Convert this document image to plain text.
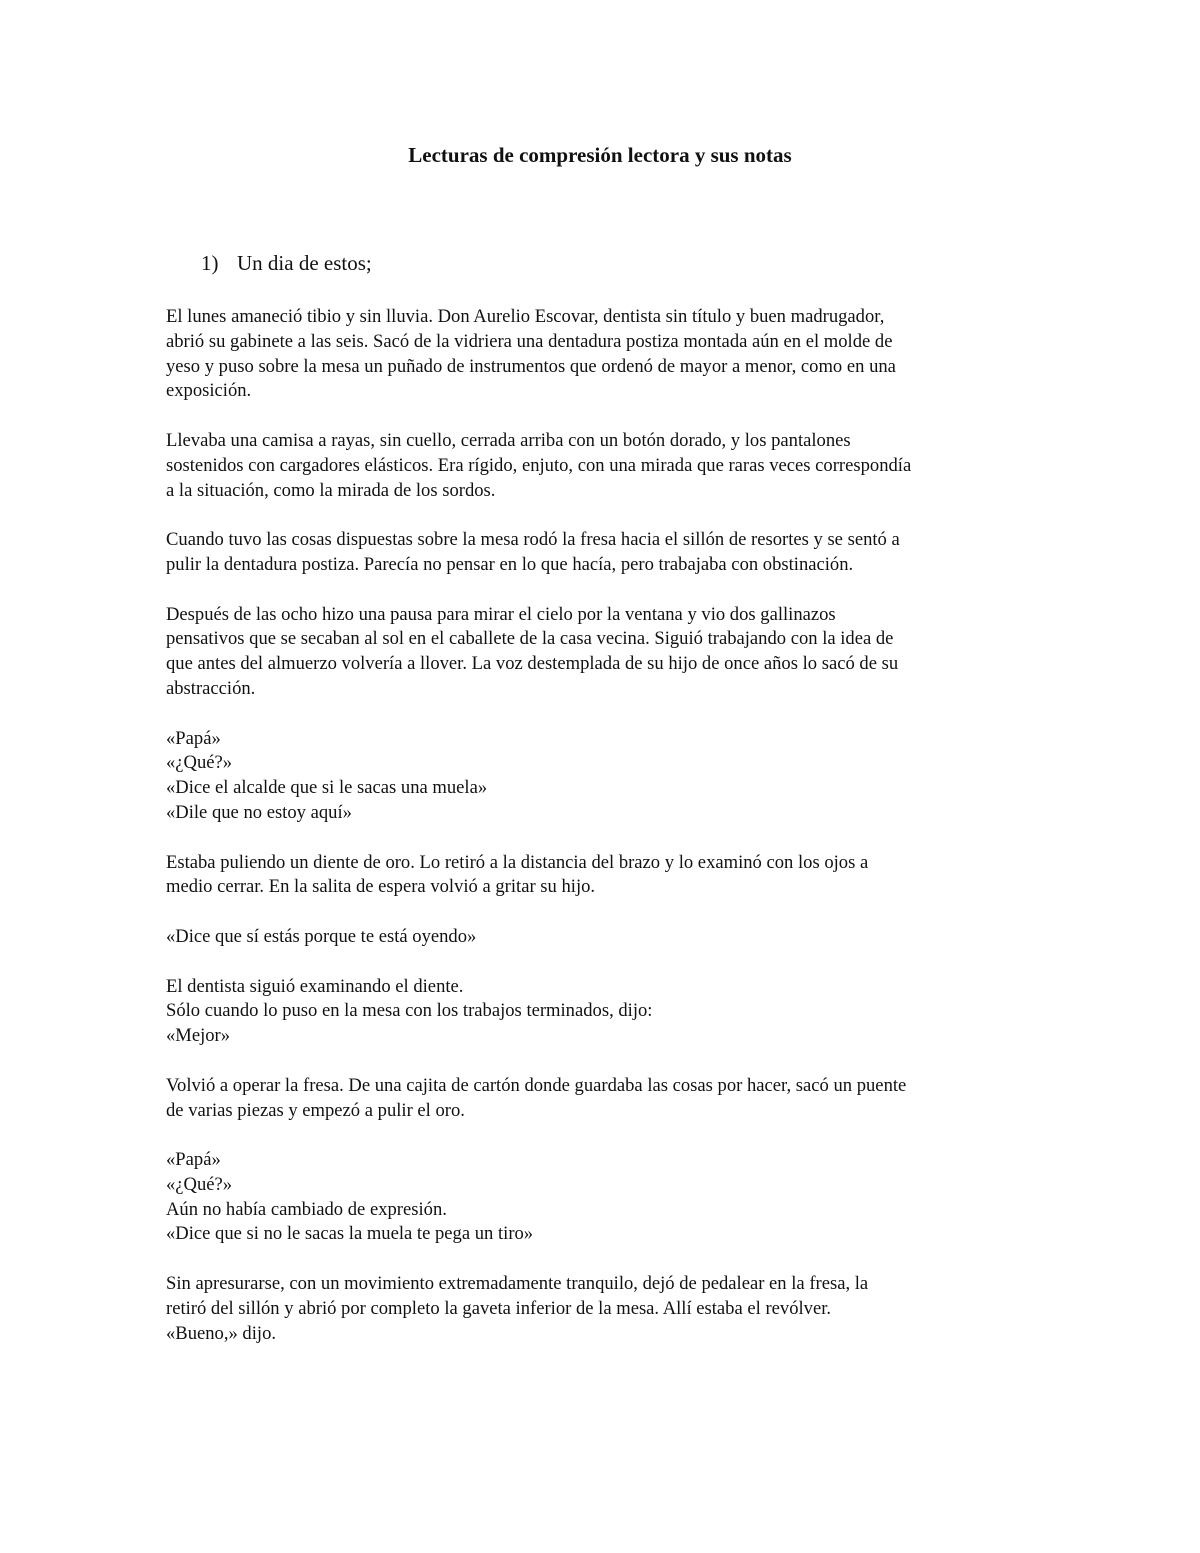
Lecturas de compresión lectora y sus notas
1) Un dia de estos;
El lunes amaneció tibio y sin lluvia. Don Aurelio Escovar, dentista sin título y buen madrugador,
abrió su gabinete a las seis. Sacó de la vidriera una dentadura postiza montada aún en el molde de
yeso y puso sobre la mesa un puñado de instrumentos que ordenó de mayor a menor, como en una
exposición.
Llevaba una camisa a rayas, sin cuello, cerrada arriba con un botón dorado, y los pantalones
sostenidos con cargadores elásticos. Era rígido, enjuto, con una mirada que raras veces correspondía
a la situación, como la mirada de los sordos.
Cuando tuvo las cosas dispuestas sobre la mesa rodó la fresa hacia el sillón de resortes y se sentó a
pulir la dentadura postiza. Parecía no pensar en lo que hacía, pero trabajaba con obstinación.
Después de las ocho hizo una pausa para mirar el cielo por la ventana y vio dos gallinazos
pensativos que se secaban al sol en el caballete de la casa vecina. Siguió trabajando con la idea de
que antes del almuerzo volvería a llover. La voz destemplada de su hijo de once años lo sacó de su
abstracción.
«Papá»
«¿Qué?»
«Dice el alcalde que si le sacas una muela»
«Dile que no estoy aquí»
Estaba puliendo un diente de oro. Lo retiró a la distancia del brazo y lo examinó con los ojos a
medio cerrar. En la salita de espera volvió a gritar su hijo.
«Dice que sí estás porque te está oyendo»
El dentista siguió examinando el diente.
Sólo cuando lo puso en la mesa con los trabajos terminados, dijo:
«Mejor»
Volvió a operar la fresa. De una cajita de cartón donde guardaba las cosas por hacer, sacó un puente
de varias piezas y empezó a pulir el oro.
«Papá»
«¿Qué?»
Aún no había cambiado de expresión.
«Dice que si no le sacas la muela te pega un tiro»
Sin apresurarse, con un movimiento extremadamente tranquilo, dejó de pedalear en la fresa, la
retiró del sillón y abrió por completo la gaveta inferior de la mesa. Allí estaba el revólver.
«Bueno,» dijo.
